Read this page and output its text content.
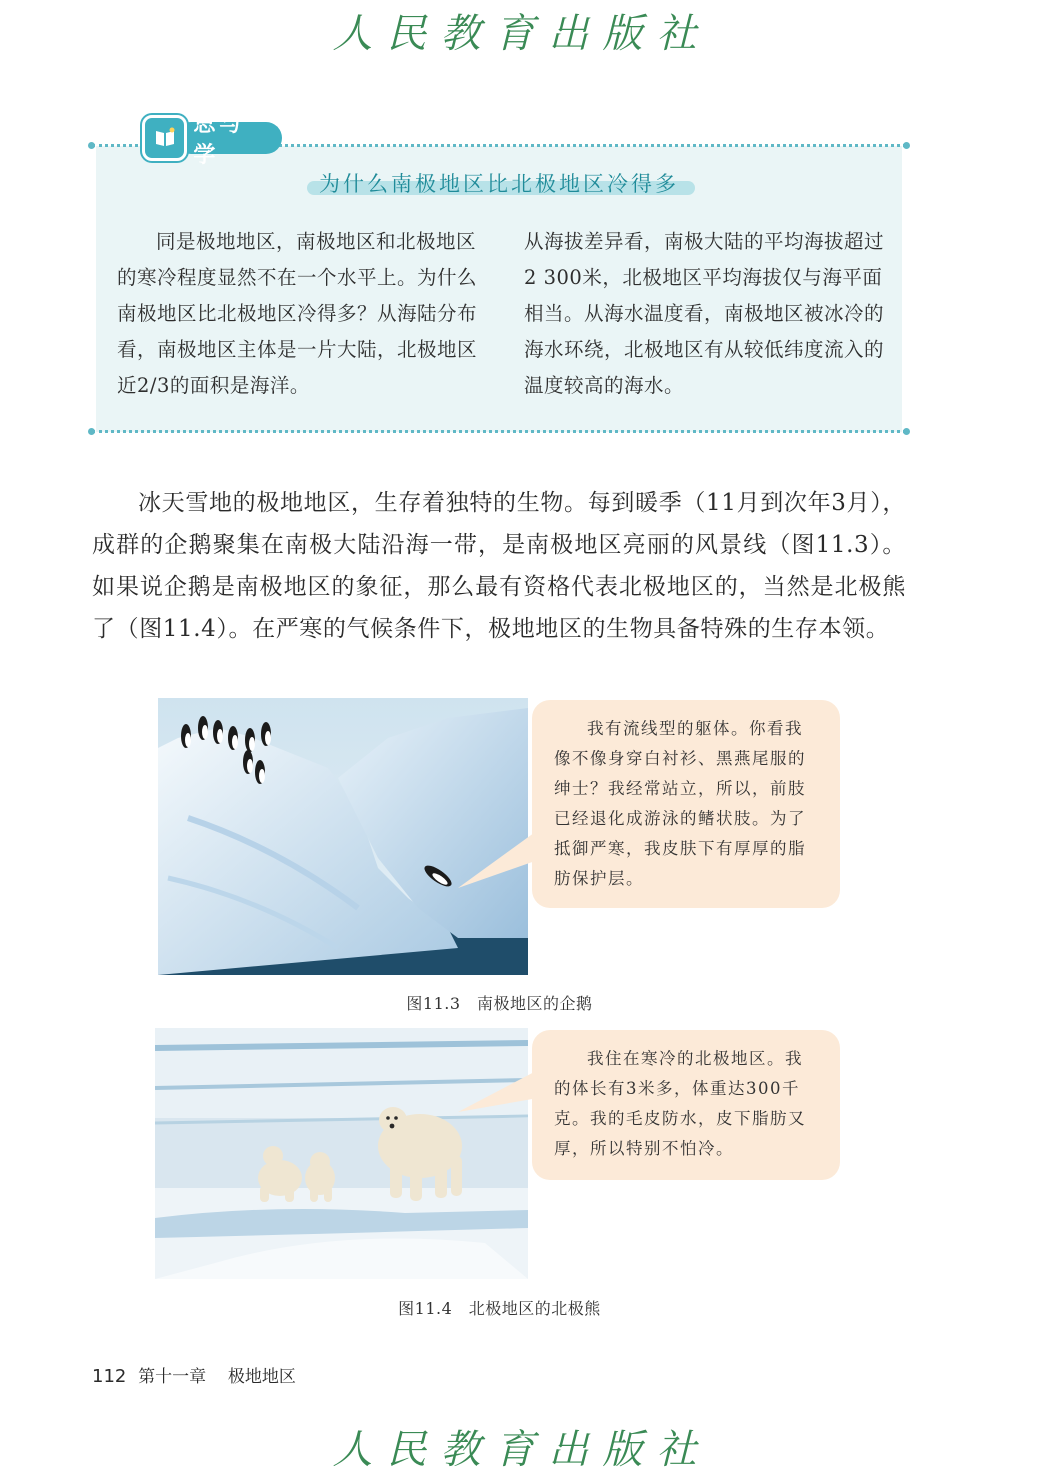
人民教育出版社
思与学
为什么南极地区比北极地区冷得多

同是极地地区，南极地区和北极地区的寒冷程度显然不在一个水平上。为什么南极地区比北极地区冷得多？从海陆分布看，南极地区主体是一片大陆，北极地区近2/3的面积是海洋。

从海拔差异看，南极大陆的平均海拔超过2 300米，北极地区平均海拔仅与海平面相当。从海水温度看，南极地区被冰冷的海水环绕，北极地区有从较低纬度流入的温度较高的海水。

冰天雪地的极地地区，生存着独特的生物。每到暖季（11月到次年3月），成群的企鹅聚集在南极大陆沿海一带，是南极地区亮丽的风景线（图11.3）。如果说企鹅是南极地区的象征，那么最有资格代表北极地区的，当然是北极熊了（图11.4）。在严寒的气候条件下，极地地区的生物具备特殊的生存本领。

我有流线型的躯体。你看我像不像身穿白衬衫、黑燕尾服的绅士？我经常站立，所以，前肢已经退化成游泳的鳍状肢。为了抵御严寒，我皮肤下有厚厚的脂肪保护层。
图11.3　南极地区的企鹅
我住在寒冷的北极地区。我的体长有3米多，体重达300千克。我的毛皮防水，皮下脂肪又厚，所以特别不怕冷。
图11.4　北极地区的北极熊
112 第十一章 极地地区
人民教育出版社
